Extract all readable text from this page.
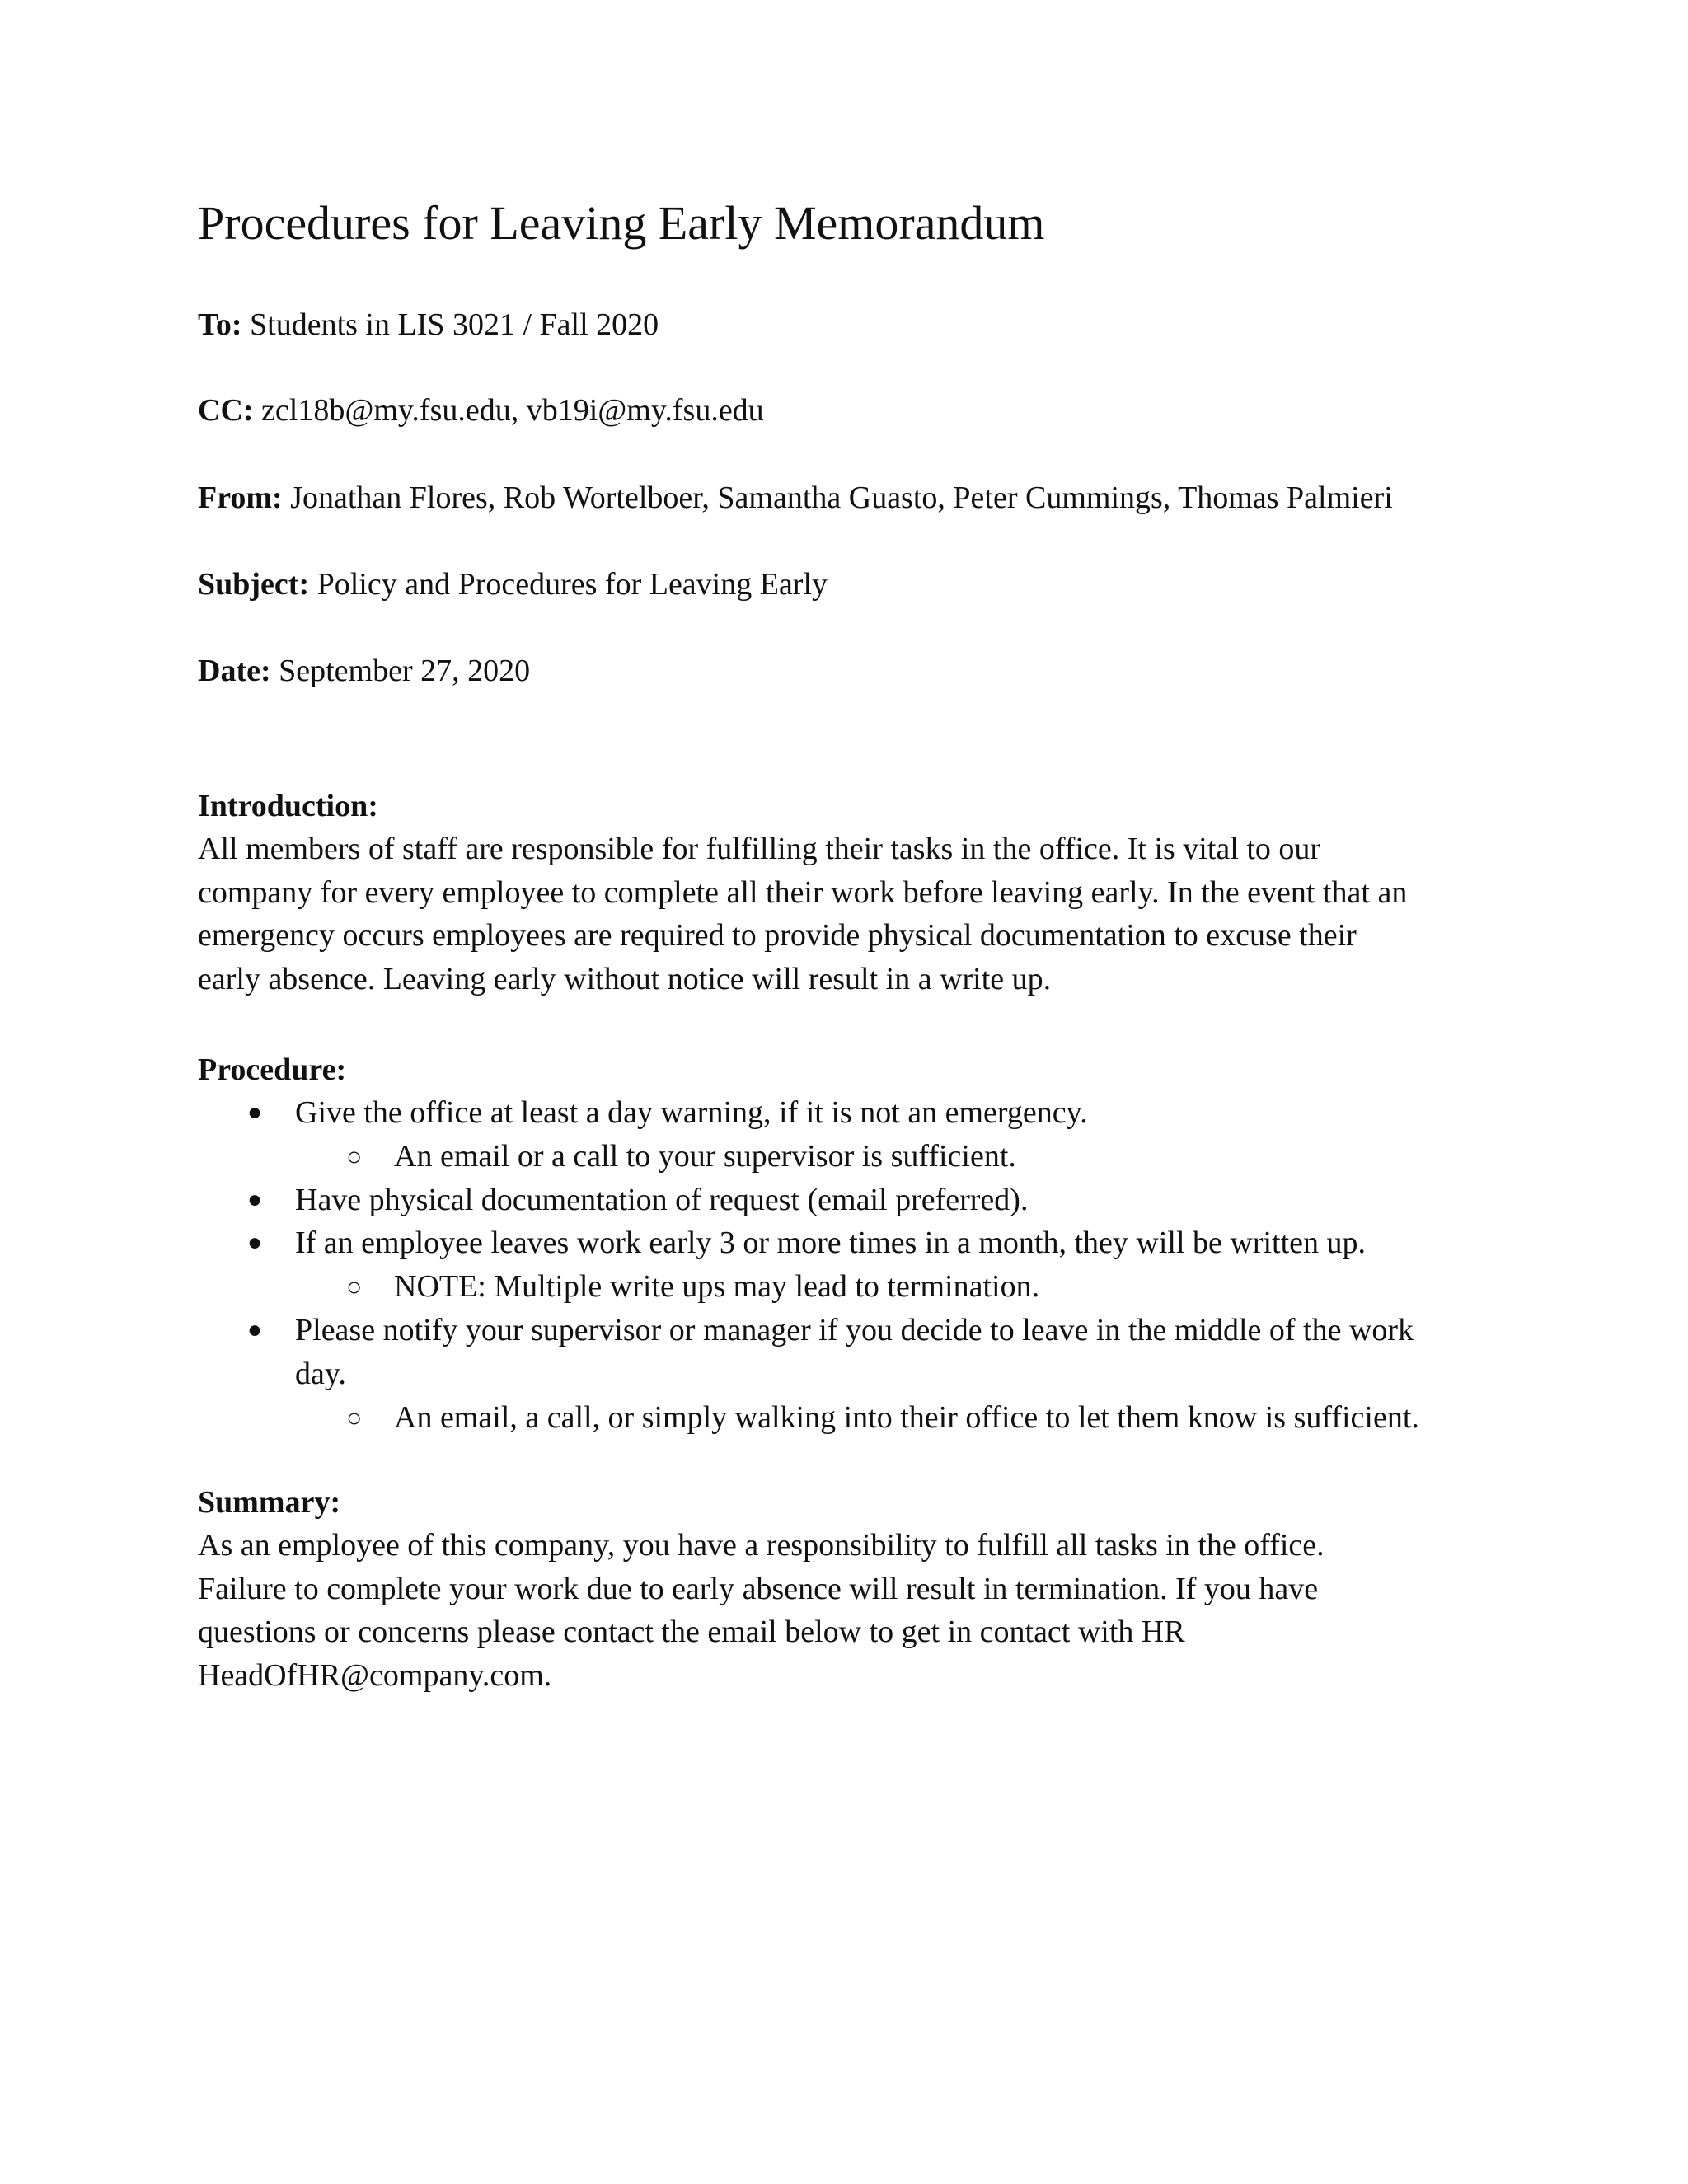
Procedures for Leaving Early Memorandum

To: Students in LIS 3021 / Fall 2020

CC: zcl18b@my.fsu.edu, vb19i@my.fsu.edu

From: Jonathan Flores, Rob Wortelboer, Samantha Guasto, Peter Cummings, Thomas Palmieri

Subject: Policy and Procedures for Leaving Early

Date: September 27, 2020

Introduction:

All members of staff are responsible for fulfilling their tasks in the office. It is vital to our
company for every employee to complete all their work before leaving early. In the event that an
emergency occurs employees are required to provide physical documentation to excuse their
early absence. Leaving early without notice will result in a write up.

Procedure:
● Give the office at least a day warning, if it is not an emergency.
○ An email or a call to your supervisor is sufficient.
● Have physical documentation of request (email preferred).
● If an employee leaves work early 3 or more times in a month, they will be written up.
○ NOTE: Multiple write ups may lead to termination.
● Please notify your supervisor or manager if you decide to leave in the middle of the work
day.
○ An email, a call, or simply walking into their office to let them know is sufficient.
Summary:

As an employee of this company, you have a responsibility to fulfill all tasks in the office.
Failure to complete your work due to early absence will result in termination. If you have
questions or concerns please contact the email below to get in contact with HR
HeadOfHR@company.com.
